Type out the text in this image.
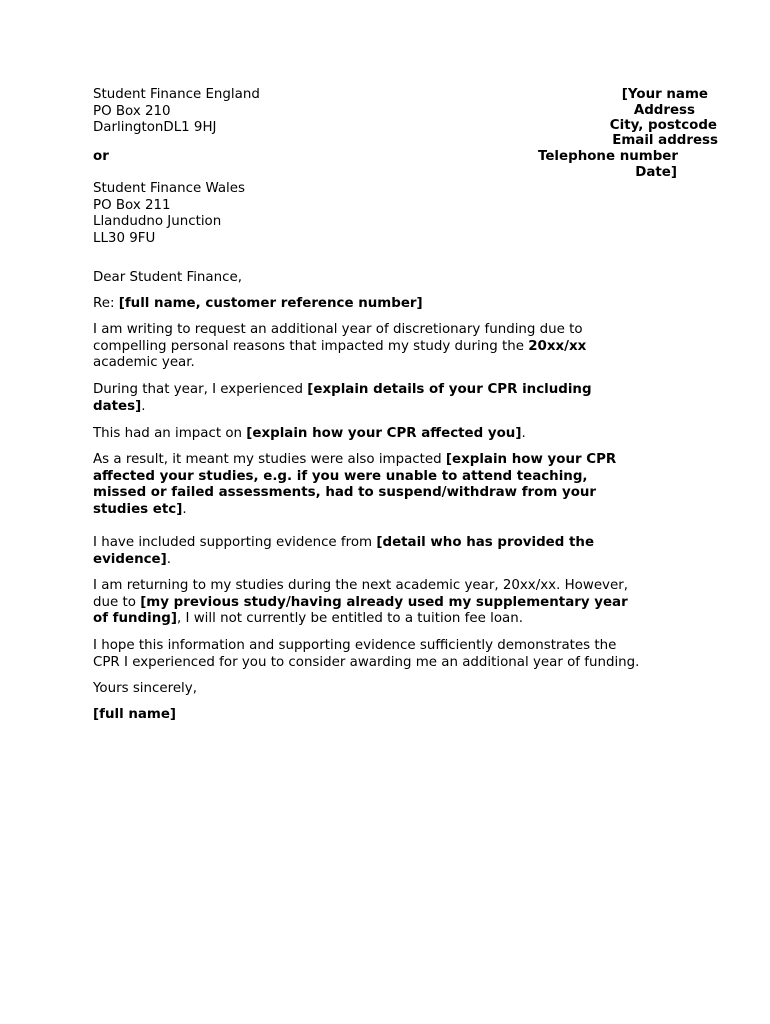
Student Finance England

PO Box 210

DarlingtonDL1 9HJ

or
[Your name
Address
City, postcode
Email address
Telephone number
Date]

Student Finance Wales

PO Box 211

Llandudno Junction

LL30 9FU

Dear Student Finance,

Re: [full name, customer reference number]

I am writing to request an additional year of discretionary funding due to

compelling personal reasons that impacted my study during the 20xx/xx

academic year.

During that year, I experienced [explain details of your CPR including

dates].

This had an impact on [explain how your CPR affected you].

As a result, it meant my studies were also impacted [explain how your CPR

affected your studies, e.g. if you were unable to attend teaching,

missed or failed assessments, had to suspend/withdraw from your

studies etc].

I have included supporting evidence from [detail who has provided the

evidence].

I am returning to my studies during the next academic year, 20xx/xx. However,

due to [my previous study/having already used my supplementary year

of funding], I will not currently be entitled to a tuition fee loan.

I hope this information and supporting evidence sufficiently demonstrates the

CPR I experienced for you to consider awarding me an additional year of funding.

Yours sincerely,
[full name]
